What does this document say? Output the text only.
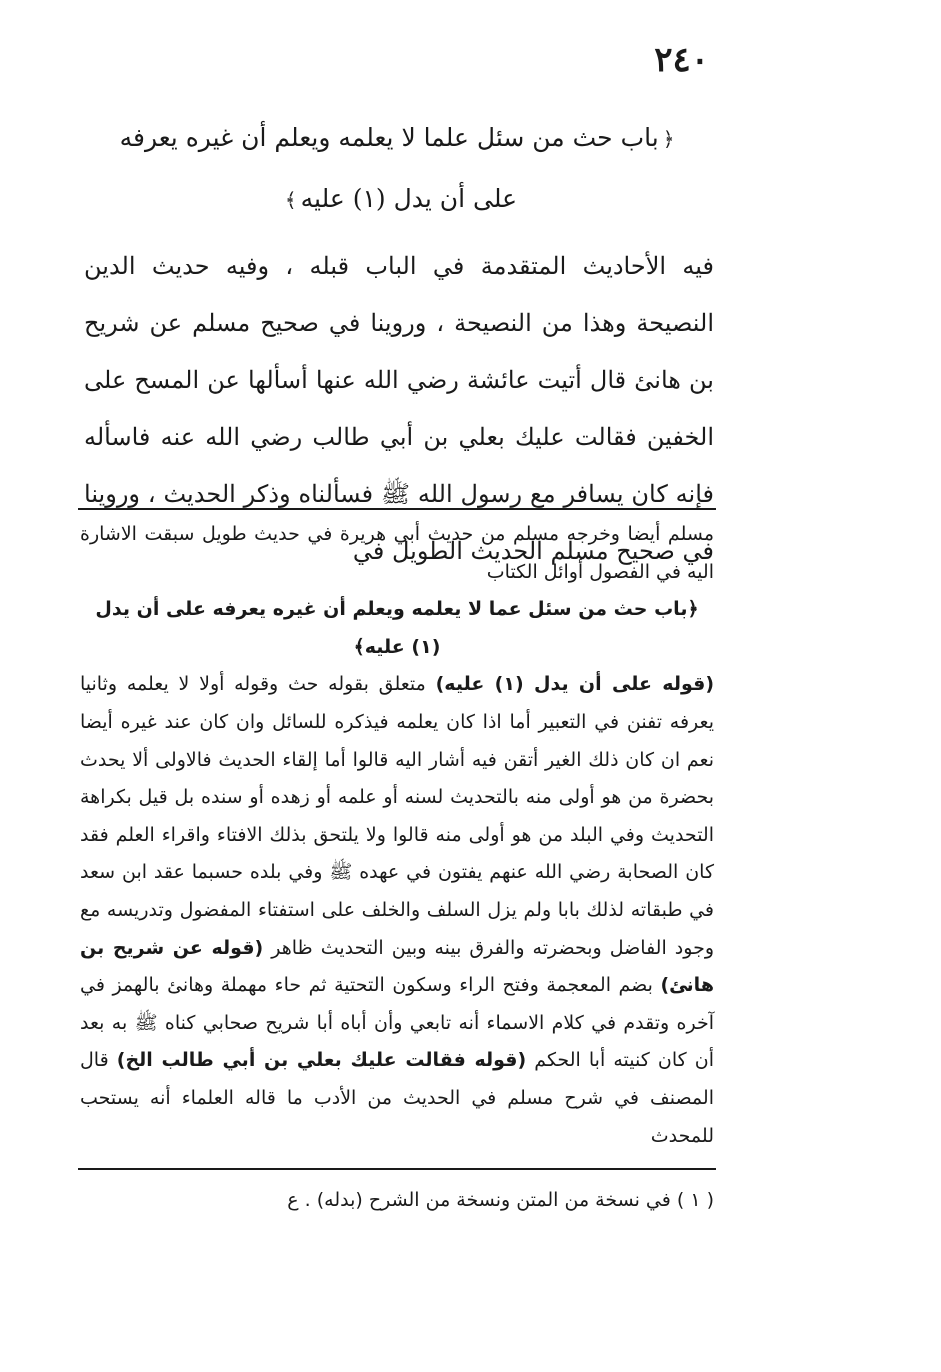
٢٤٠

﴿باب حث من سئل علما لا يعلمه ويعلم أن غيره يعرفه

على أن يدل (١) عليه﴾

فيه الأحاديث المتقدمة في الباب قبله ، وفيه حديث الدين النصيحة وهذا من النصيحة ، وروينا في صحيح مسلم عن شريح بن هانئ قال أتيت عائشة رضي الله عنها أسألها عن المسح على الخفين فقالت عليك بعلي بن أبي طالب رضي الله عنه فاسأله فإنه كان يسافر مع رسول الله ﷺ فسألناه وذكر الحديث ، وروينا في صحيح مسلم الحديث الطويل في

مسلم أيضا وخرجه مسلم من حديث أبي هريرة في حديث طويل سبقت الاشارة اليه في الفصول أوائل الكتاب

﴿باب حث من سئل عما لا يعلمه ويعلم أن غيره يعرفه على أن يدل (١) عليه﴾

(قوله على أن يدل (١) عليه) متعلق بقوله حث وقوله أولا لا يعلمه وثانيا يعرفه تفنن في التعبير أما اذا كان يعلمه فيذكره للسائل وان كان عند غيره أيضا نعم ان كان ذلك الغير أتقن فيه أشار اليه قالوا أما إلقاء الحديث فالاولى ألا يحدث بحضرة من هو أولى منه بالتحديث لسنه أو علمه أو زهده أو سنده بل قيل بكراهة التحديث وفي البلد من هو أولى منه قالوا ولا يلتحق بذلك الافتاء واقراء العلم فقد كان الصحابة رضي الله عنهم يفتون في عهده ﷺ وفي بلده حسبما عقد ابن سعد في طبقاته لذلك بابا ولم يزل السلف والخلف على استفتاء المفضول وتدريسه مع وجود الفاضل وبحضرته والفرق بينه وبين التحديث ظاهر (قوله عن شريح بن هانئ) بضم المعجمة وفتح الراء وسكون التحتية ثم حاء مهملة وهانئ بالهمز في آخره وتقدم في كلام الاسماء أنه تابعي وأن أباه أبا شريح صحابي كناه ﷺ به بعد أن كان كنيته أبا الحكم (قوله فقالت عليك بعلي بن أبي طالب الخ) قال المصنف في شرح مسلم في الحديث من الأدب ما قاله العلماء أنه يستحب للمحدث

( ١ ) في نسخة من المتن ونسخة من الشرح (بدله) . ع
